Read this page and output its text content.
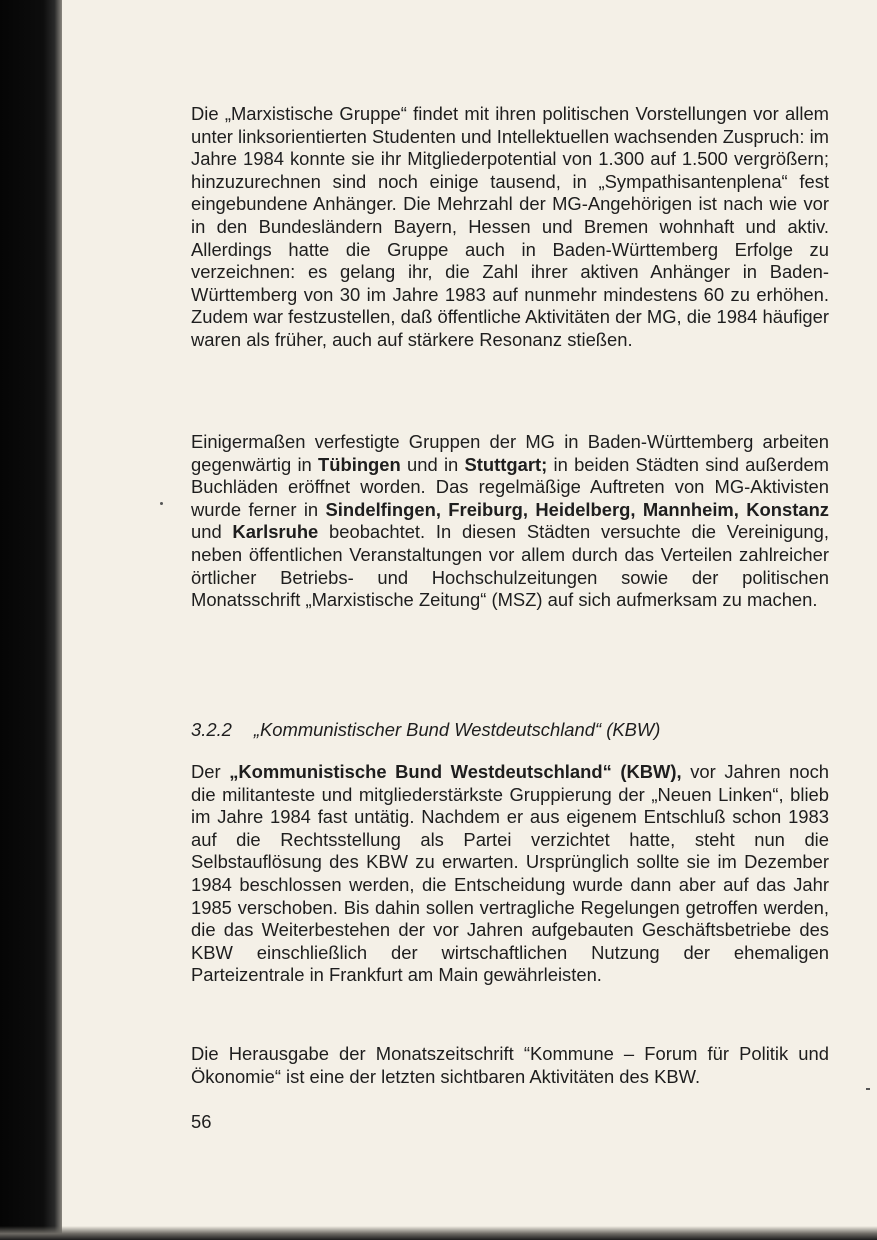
Die „Marxistische Gruppe“ findet mit ihren politischen Vorstellungen vor allem unter linksorientierten Studenten und Intellektuellen wachsenden Zuspruch: im Jahre 1984 konnte sie ihr Mitgliederpotential von 1.300 auf 1.500 vergrößern; hinzuzurechnen sind noch einige tausend, in „Sympathisantenplena“ fest eingebundene Anhänger. Die Mehrzahl der MG-Angehörigen ist nach wie vor in den Bundesländern Bayern, Hessen und Bremen wohnhaft und aktiv. Allerdings hatte die Gruppe auch in Baden-Württemberg Erfolge zu verzeichnen: es gelang ihr, die Zahl ihrer aktiven Anhänger in Baden-Württemberg von 30 im Jahre 1983 auf nunmehr mindestens 60 zu erhöhen. Zudem war festzustellen, daß öffentliche Aktivitäten der MG, die 1984 häufiger waren als früher, auch auf stärkere Resonanz stießen.

Einigermaßen verfestigte Gruppen der MG in Baden-Württemberg arbeiten gegenwärtig in Tübingen und in Stuttgart; in beiden Städten sind außerdem Buchläden eröffnet worden. Das regelmäßige Auftreten von MG-Aktivisten wurde ferner in Sindelfingen, Freiburg, Heidelberg, Mannheim, Konstanz und Karlsruhe beobachtet. In diesen Städten versuchte die Vereinigung, neben öffentlichen Veranstaltungen vor allem durch das Verteilen zahlreicher örtlicher Betriebs- und Hochschulzeitungen sowie der politischen Monatsschrift „Marxistische Zeitung“ (MSZ) auf sich aufmerksam zu machen.

3.2.2 „Kommunistischer Bund Westdeutschland“ (KBW)

Der „Kommunistische Bund Westdeutschland“ (KBW), vor Jahren noch die militanteste und mitgliederstärkste Gruppierung der „Neuen Linken“, blieb im Jahre 1984 fast untätig. Nachdem er aus eigenem Entschluß schon 1983 auf die Rechtsstellung als Partei verzichtet hatte, steht nun die Selbstauflösung des KBW zu erwarten. Ursprünglich sollte sie im Dezember 1984 beschlossen werden, die Entscheidung wurde dann aber auf das Jahr 1985 verschoben. Bis dahin sollen vertragliche Regelungen getroffen werden, die das Weiterbestehen der vor Jahren aufgebauten Geschäftsbetriebe des KBW einschließlich der wirtschaftlichen Nutzung der ehemaligen Parteizentrale in Frankfurt am Main gewährleisten.

Die Herausgabe der Monatszeitschrift “Kommune – Forum für Politik und Ökonomie“ ist eine der letzten sichtbaren Aktivitäten des KBW.

56
